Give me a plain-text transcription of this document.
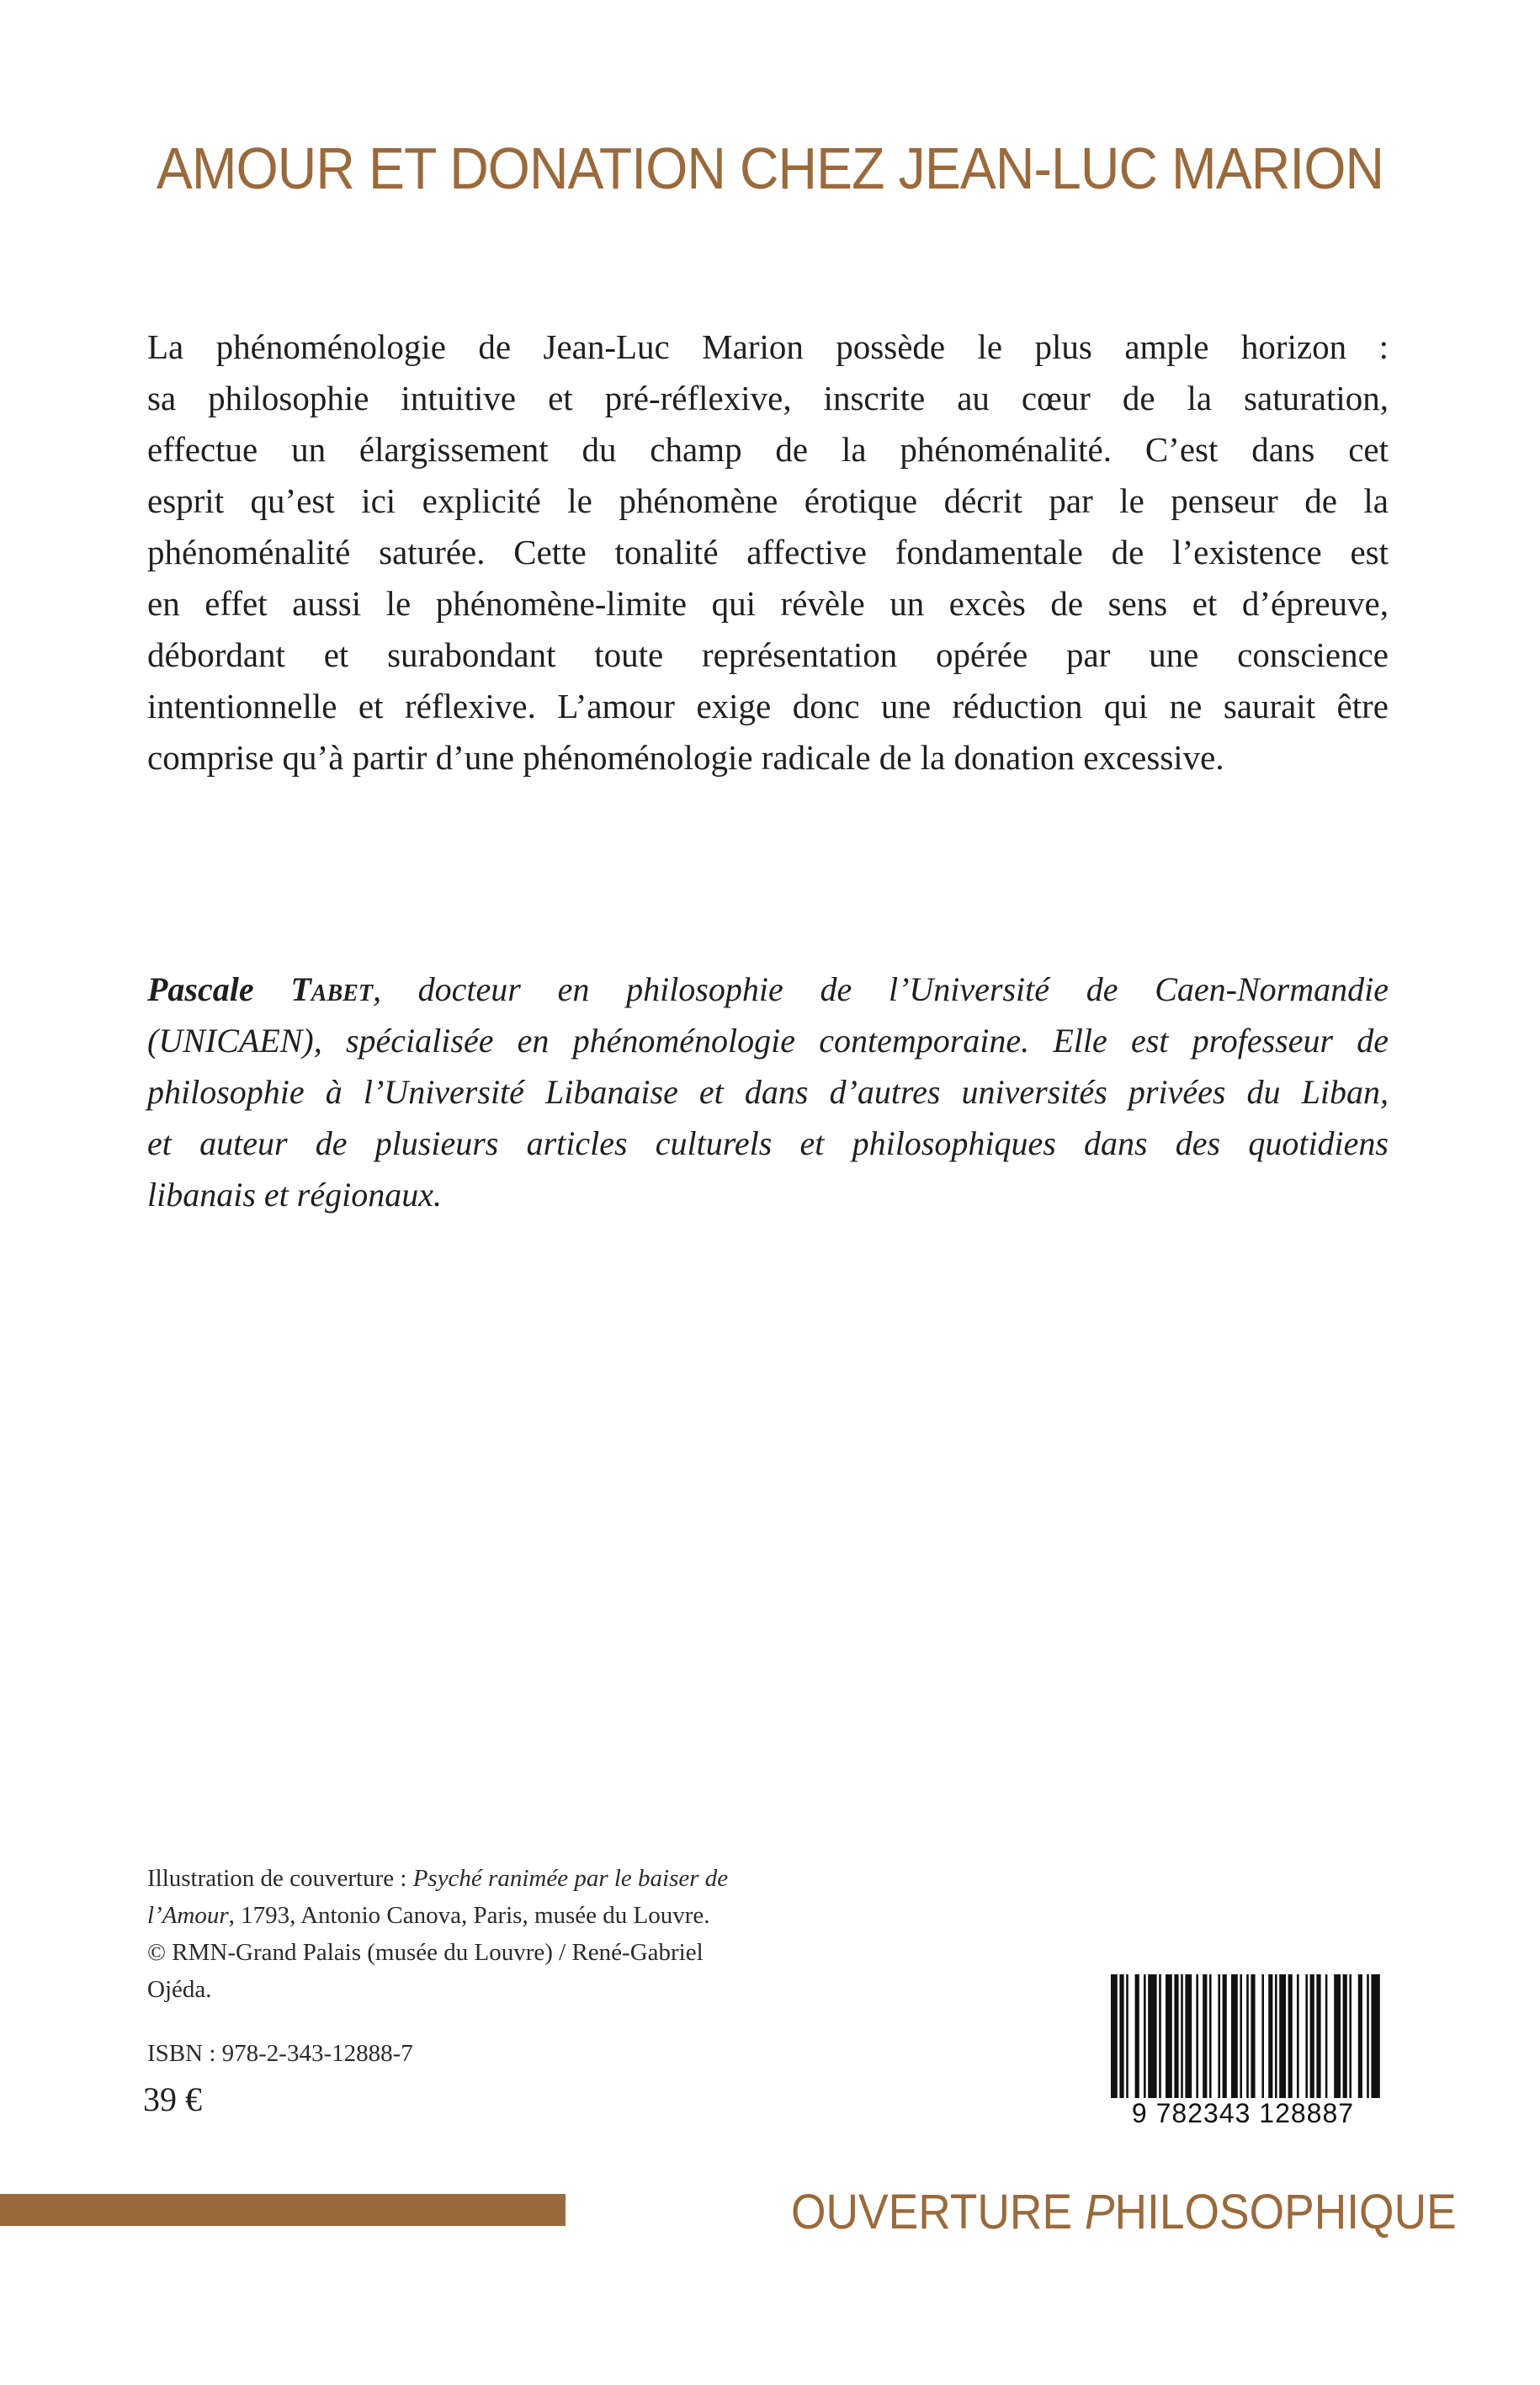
AMOUR ET DONATION CHEZ JEAN-LUC MARION
La phénoménologie de Jean-Luc Marion possède le plus ample horizon :
sa philosophie intuitive et pré-réflexive, inscrite au cœur de la saturation,
effectue un élargissement du champ de la phénoménalité. C’est dans cet
esprit qu’est ici explicité le phénomène érotique décrit par le penseur de la
phénoménalité saturée. Cette tonalité affective fondamentale de l’existence est
en effet aussi le phénomène-limite qui révèle un excès de sens et d’épreuve,
débordant et surabondant toute représentation opérée par une conscience
intentionnelle et réflexive. L’amour exige donc une réduction qui ne saurait être
comprise qu’à partir d’une phénoménologie radicale de la donation excessive.
Pascale Tabet, docteur en philosophie de l’Université de Caen-Normandie
(UNICAEN), spécialisée en phénoménologie contemporaine. Elle est professeur de
philosophie à l’Université Libanaise et dans d’autres universités privées du Liban,
et auteur de plusieurs articles culturels et philosophiques dans des quotidiens
libanais et régionaux.
Illustration de couverture : Psyché ranimée par le baiser de
l’Amour, 1793, Antonio Canova, Paris, musée du Louvre.
© RMN-Grand Palais (musée du Louvre) / René-Gabriel
Ojéda.
ISBN : 978-2-343-12888-7
39 €	9 782343 128887
OUVERTURE PHILOSOPHIQUE
